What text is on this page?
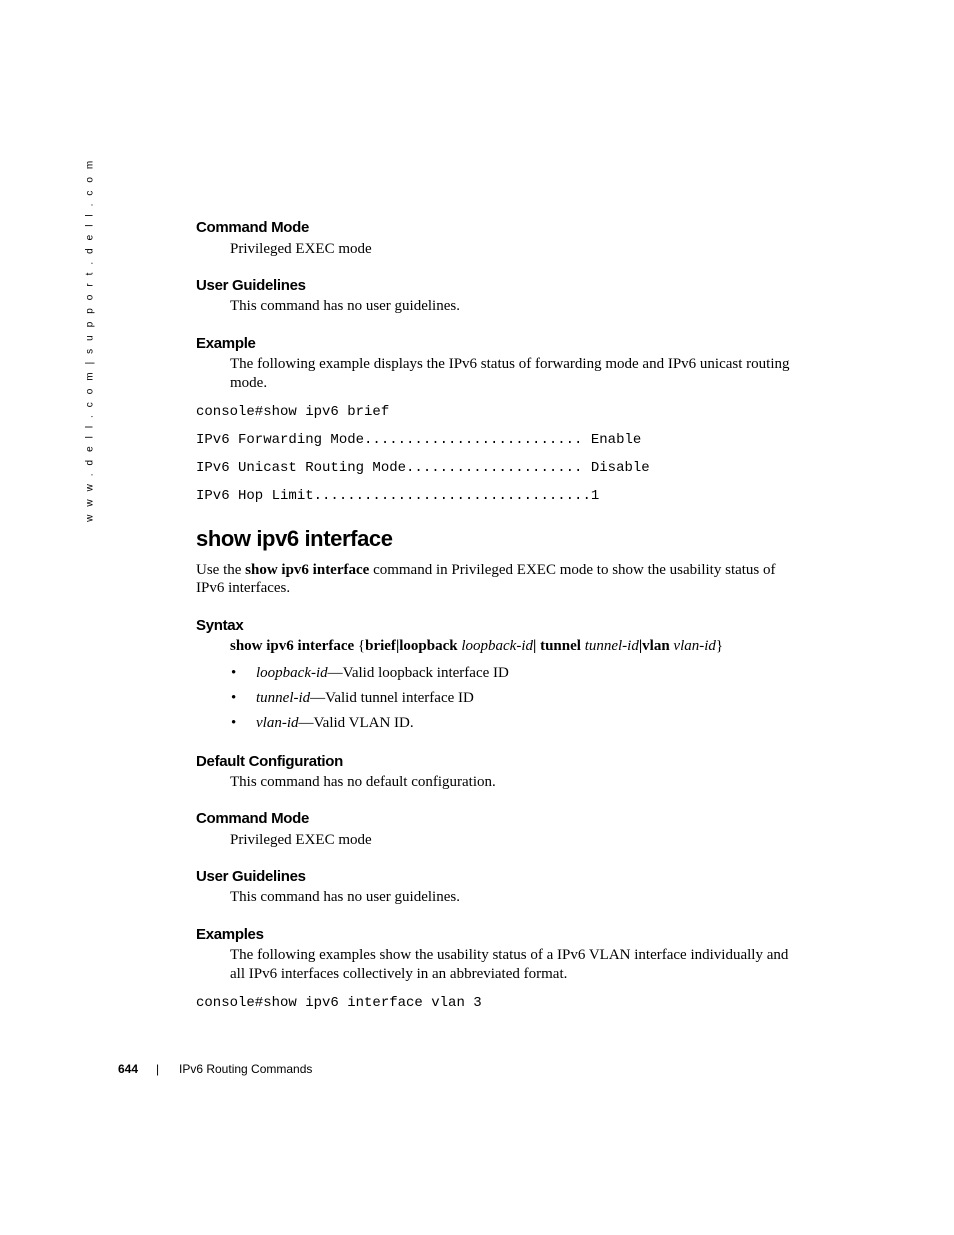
w w w . d e l l . c o m | s u p p o r t . d e l l . c o m	Command Mode
Privileged EXEC mode
User Guidelines
This command has no user guidelines.
Example
The following example displays the IPv6 status of forwarding mode and IPv6 unicast routing
mode.
console#show ipv6 brief
IPv6 Forwarding Mode.......................... Enable
IPv6 Unicast Routing Mode..................... Disable
IPv6 Hop Limit.................................1
show ipv6 interface
Use the show ipv6 interface command in Privileged EXEC mode to show the usability status of
IPv6 interfaces.
Syntax
show ipv6 interface {brief|loopback loopback-id| tunnel tunnel-id|vlan vlan-id}
• loopback-id—Valid loopback interface ID
• tunnel-id—Valid tunnel interface ID
• vlan-id—Valid VLAN ID.
Default Configuration
This command has no default configuration.
Command Mode
Privileged EXEC mode
User Guidelines
This command has no user guidelines.
Examples
The following examples show the usability status of a IPv6 VLAN interface individually and
all IPv6 interfaces collectively in an abbreviated format.
console#show ipv6 interface vlan 3
644 | IPv6 Routing Commands
